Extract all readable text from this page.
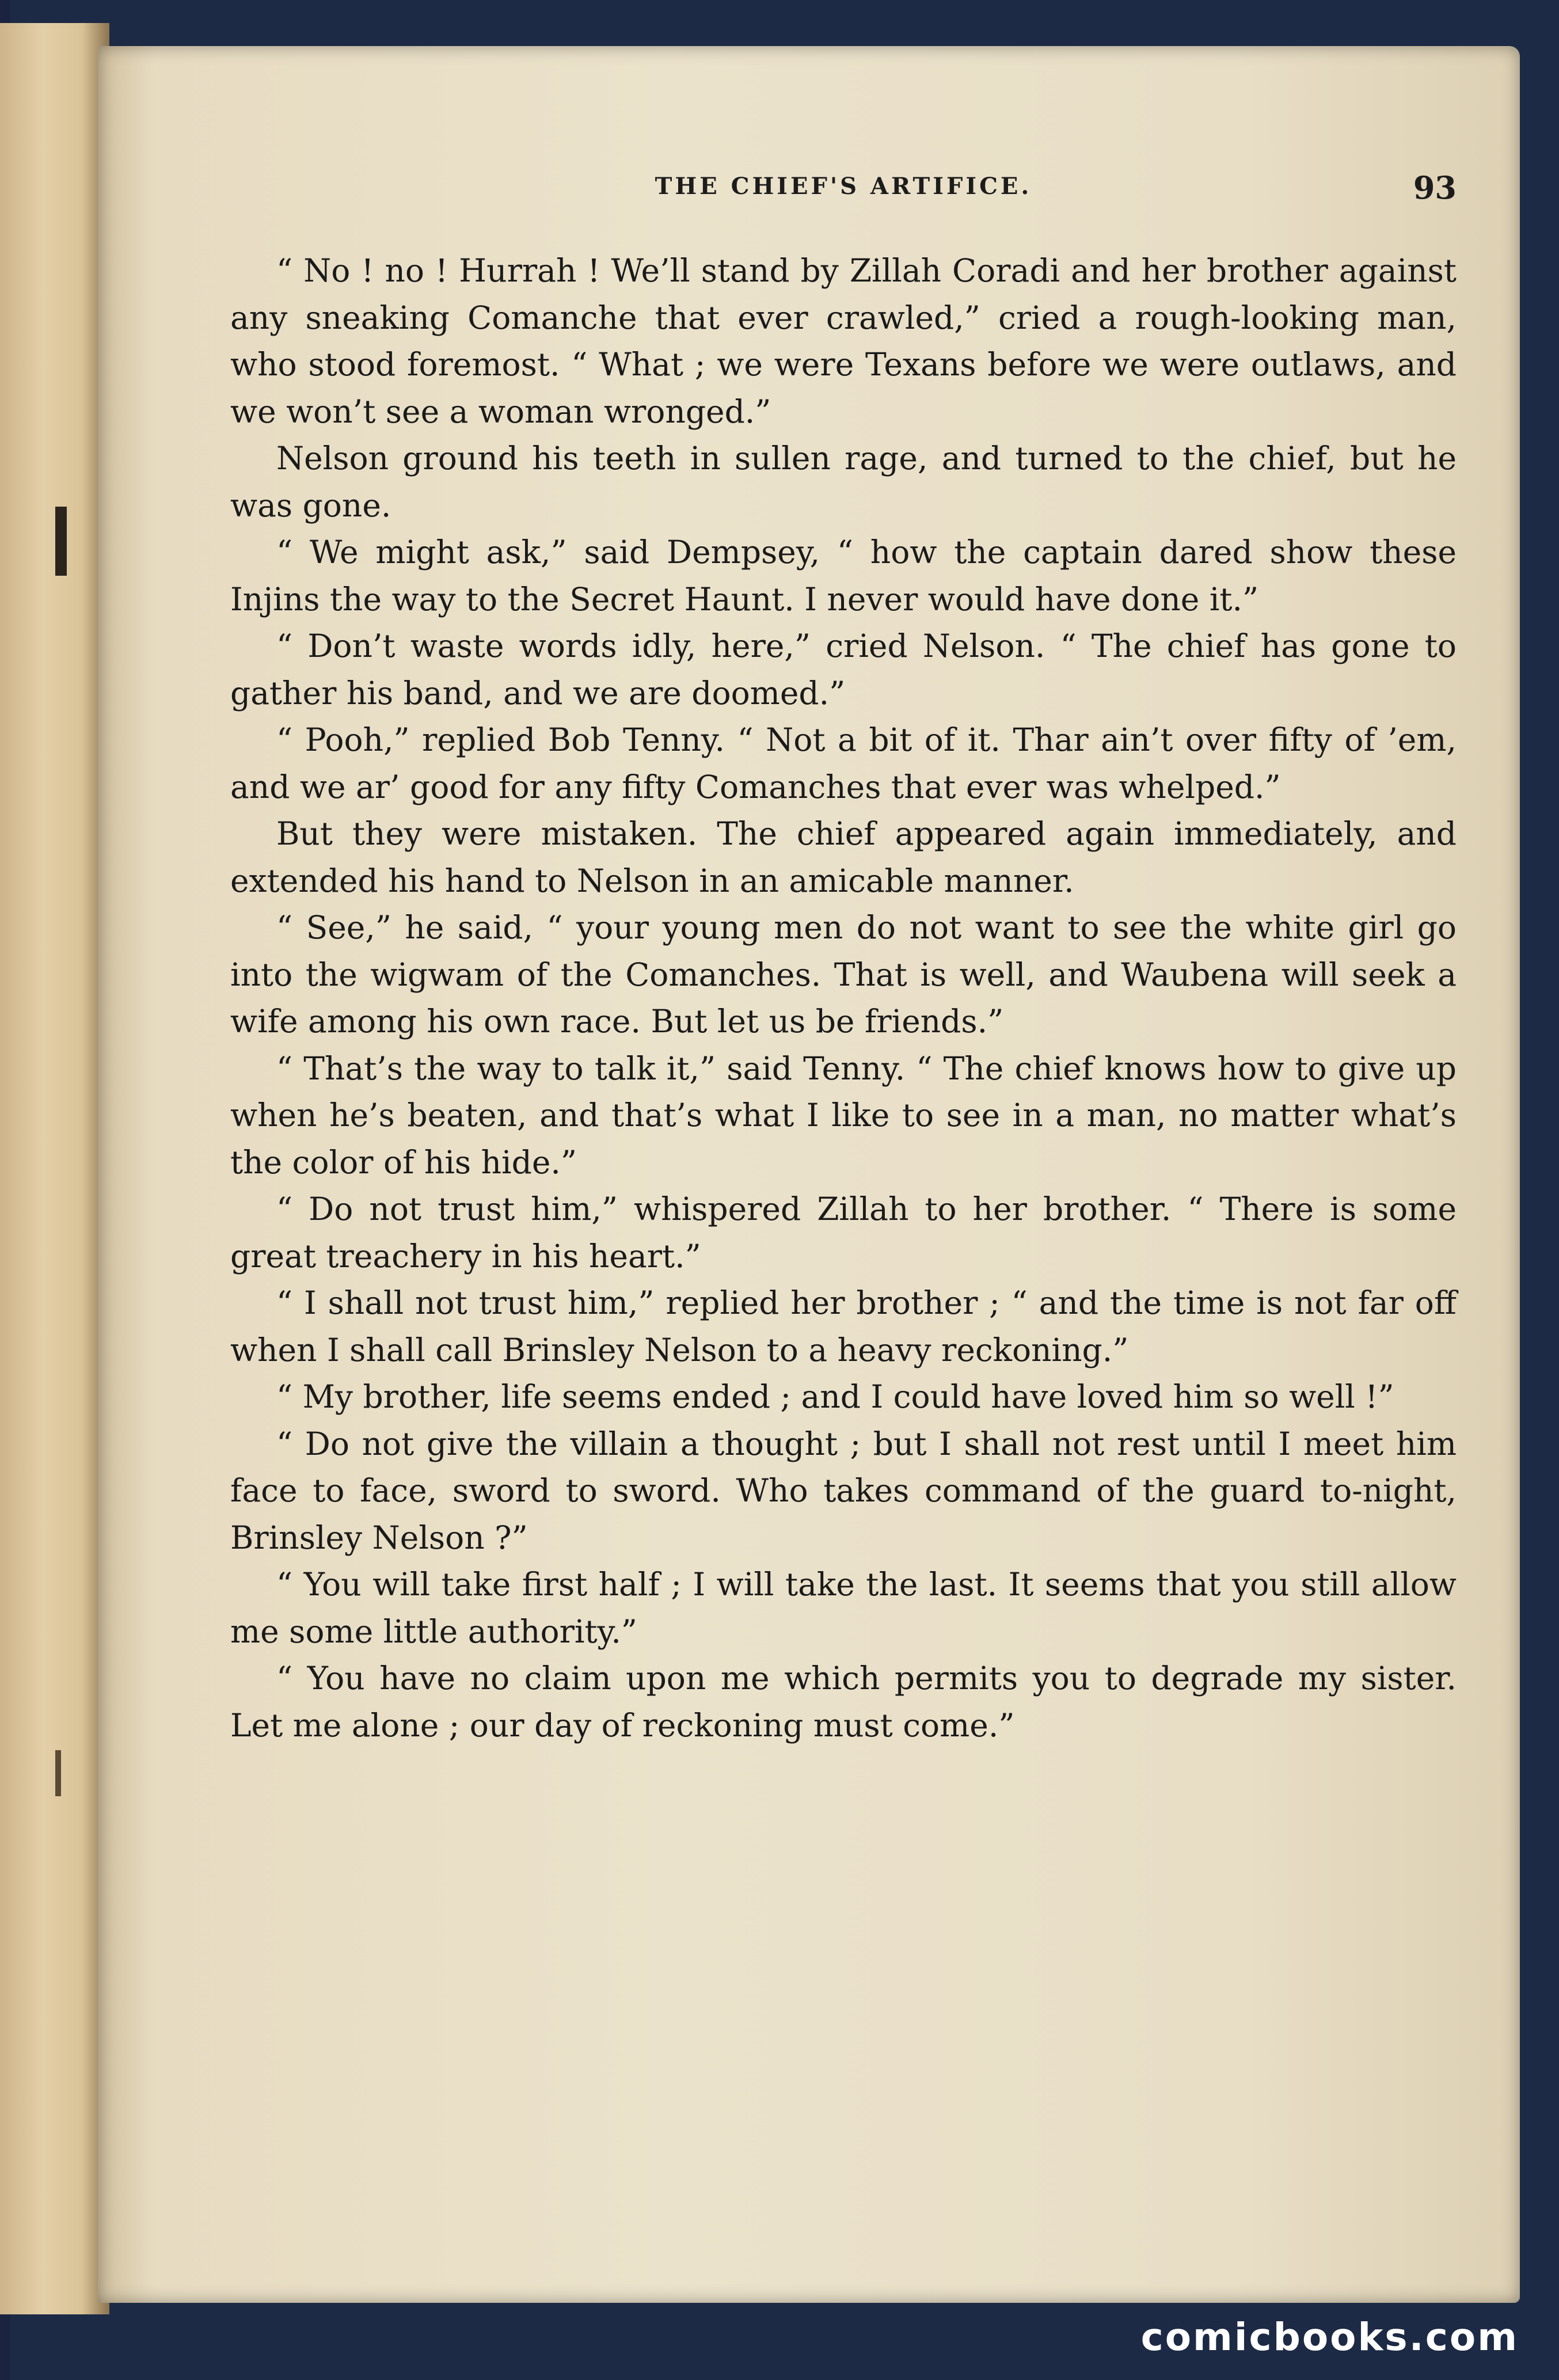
THE CHIEF'S ARTIFICE.	93

“ No ! no ! Hurrah ! We’ll stand by Zillah Coradi and her brother against any sneaking Comanche that ever crawled,” cried a rough-looking man, who stood foremost. “ What ; we were Texans before we were outlaws, and we won’t see a woman wronged.”

Nelson ground his teeth in sullen rage, and turned to the chief, but he was gone.

“ We might ask,” said Dempsey, “ how the captain dared show these Injins the way to the Secret Haunt. I never would have done it.”

“ Don’t waste words idly, here,” cried Nelson. “ The chief has gone to gather his band, and we are doomed.”

“ Pooh,” replied Bob Tenny. “ Not a bit of it. Thar ain’t over fifty of ’em, and we ar’ good for any fifty Comanches that ever was whelped.”

But they were mistaken. The chief appeared again immediately, and extended his hand to Nelson in an amicable manner.

“ See,” he said, “ your young men do not want to see the white girl go into the wigwam of the Comanches. That is well, and Waubena will seek a wife among his own race. But let us be friends.”

“ That’s the way to talk it,” said Tenny. “ The chief knows how to give up when he’s beaten, and that’s what I like to see in a man, no matter what’s the color of his hide.”

“ Do not trust him,” whispered Zillah to her brother. “ There is some great treachery in his heart.”

“ I shall not trust him,” replied her brother ; “ and the time is not far off when I shall call Brinsley Nelson to a heavy reckoning.”

“ My brother, life seems ended ; and I could have loved him so well !”

“ Do not give the villain a thought ; but I shall not rest until I meet him face to face, sword to sword. Who takes command of the guard to-night, Brinsley Nelson ?”

“ You will take first half ; I will take the last. It seems that you still allow me some little authority.”

“ You have no claim upon me which permits you to degrade my sister. Let me alone ; our day of reckoning must come.”

comicbooks.com
